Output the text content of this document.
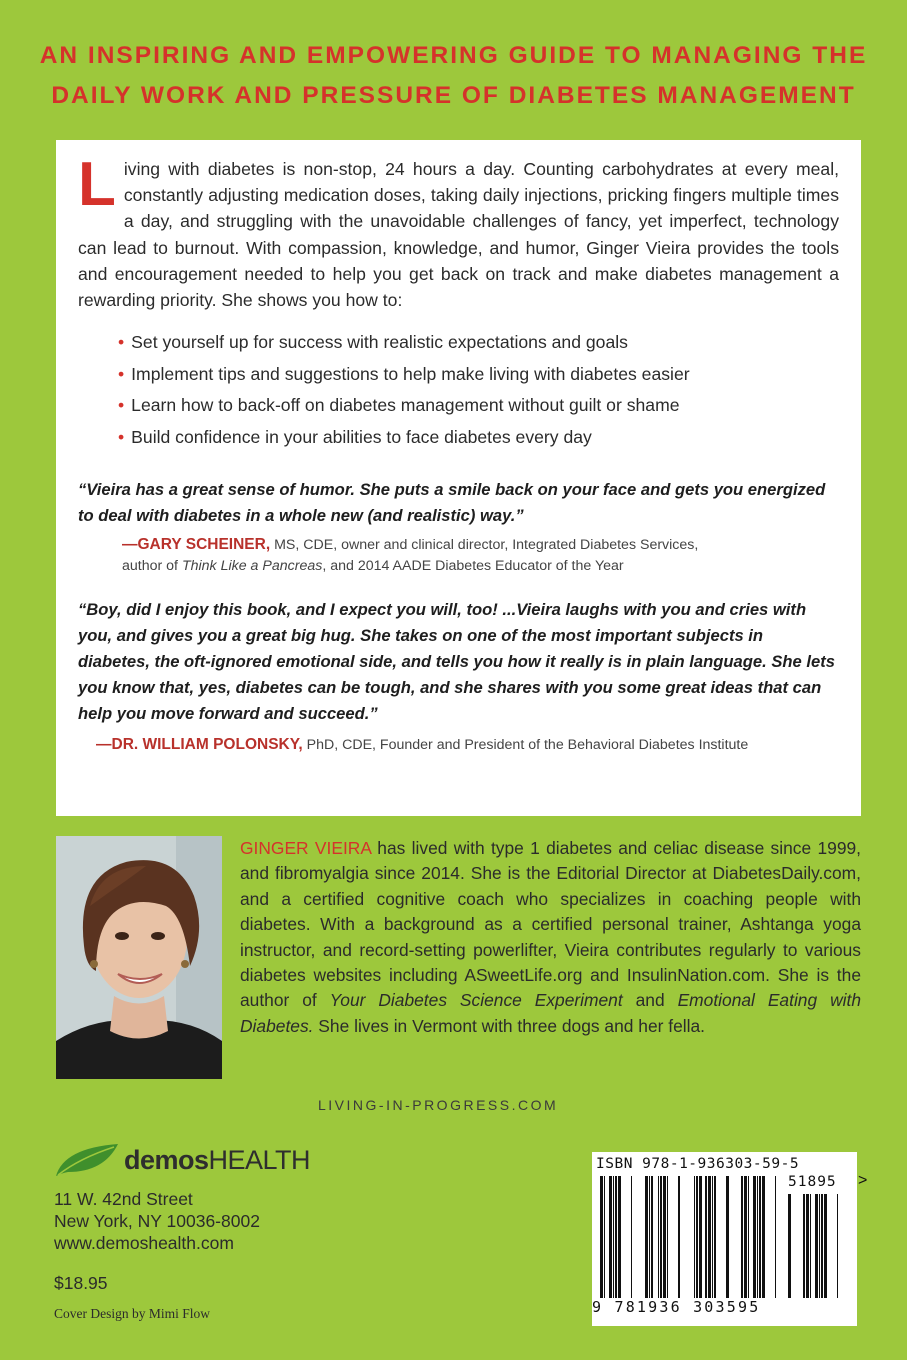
AN INSPIRING AND EMPOWERING GUIDE TO MANAGING THE
DAILY WORK AND PRESSURE OF DIABETES MANAGEMENT

Living with diabetes is non-stop, 24 hours a day. Counting carbohydrates at every meal, constantly adjusting medication doses, taking daily injections, pricking fingers multiple times a day, and struggling with the unavoidable challenges of fancy, yet imperfect, technology can lead to burnout. With compassion, knowledge, and humor, Ginger Vieira provides the tools and encouragement needed to help you get back on track and make diabetes management a rewarding priority. She shows you how to:

• Set yourself up for success with realistic expectations and goals
• Implement tips and suggestions to help make living with diabetes easier
• Learn how to back-off on diabetes management without guilt or shame
• Build confidence in your abilities to face diabetes every day

“Vieira has a great sense of humor. She puts a smile back on your face and gets you energized to deal with diabetes in a whole new (and realistic) way.”

—GARY SCHEINER, MS, CDE, owner and clinical director, Integrated Diabetes Services,
author of Think Like a Pancreas, and 2014 AADE Diabetes Educator of the Year

“Boy, did I enjoy this book, and I expect you will, too! ...Vieira laughs with you and cries with you, and gives you a great big hug. She takes on one of the most important subjects in diabetes, the oft-ignored emotional side, and tells you how it really is in plain language. She lets you know that, yes, diabetes can be tough, and she shares with you some great ideas that can help you move forward and succeed.”

—DR. WILLIAM POLONSKY, PhD, CDE, Founder and President of the Behavioral Diabetes Institute

GINGER VIEIRA has lived with type 1 diabetes and celiac disease since 1999, and fibromyalgia since 2014. She is the Editorial Director at DiabetesDaily.com, and a certified cognitive coach who specializes in coaching people with diabetes. With a background as a certified personal trainer, Ashtanga yoga instructor, and record-setting powerlifter, Vieira contributes regularly to various diabetes websites including ASweetLife.org and InsulinNation.com. She is the author of Your Diabetes Science Experiment and Emotional Eating with Diabetes. She lives in Vermont with three dogs and her fella.

LIVING-IN-PROGRESS.COM
demosHEALTH
11 W. 42nd Street
New York, NY 10036-8002
www.demoshealth.com
$18.95
Cover Design by Mimi Flow
ISBN 978-1-936303-59-5
51895
9 781936 303595
>
